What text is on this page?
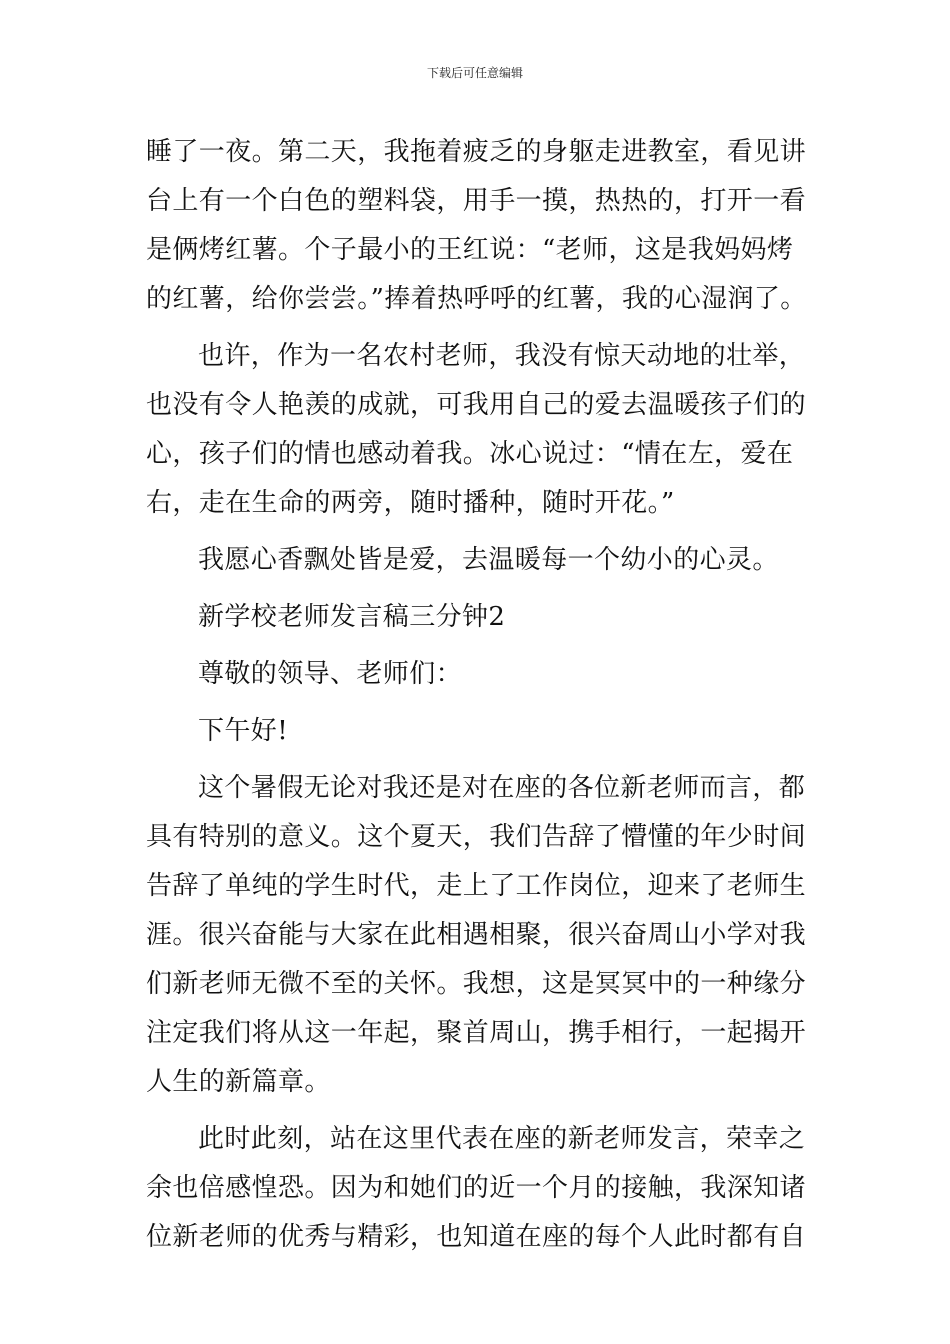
下载后可任意编辑
睡了一夜。第二天，我拖着疲乏的身躯走进教室，看见讲
台上有一个白色的塑料袋，用手一摸，热热的，打开一看
是俩烤红薯。个子最小的王红说：“老师，这是我妈妈烤
的红薯，给你尝尝。”捧着热呼呼的红薯，我的心湿润了。
也许，作为一名农村老师，我没有惊天动地的壮举，
也没有令人艳羡的成就，可我用自己的爱去温暖孩子们的
心，孩子们的情也感动着我。冰心说过：“情在左，爱在
右，走在生命的两旁，随时播种，随时开花。”
我愿心香飘处皆是爱，去温暖每一个幼小的心灵。
新学校老师发言稿三分钟2
尊敬的领导、老师们：
下午好!
这个暑假无论对我还是对在座的各位新老师而言，都
具有特别的意义。这个夏天，我们告辞了懵懂的年少时间
告辞了单纯的学生时代，走上了工作岗位，迎来了老师生
涯。很兴奋能与大家在此相遇相聚，很兴奋周山小学对我
们新老师无微不至的关怀。我想，这是冥冥中的一种缘分
注定我们将从这一年起，聚首周山，携手相行，一起揭开
人生的新篇章。
此时此刻，站在这里代表在座的新老师发言，荣幸之
余也倍感惶恐。因为和她们的近一个月的接触，我深知诸
位新老师的优秀与精彩，也知道在座的每个人此时都有自
